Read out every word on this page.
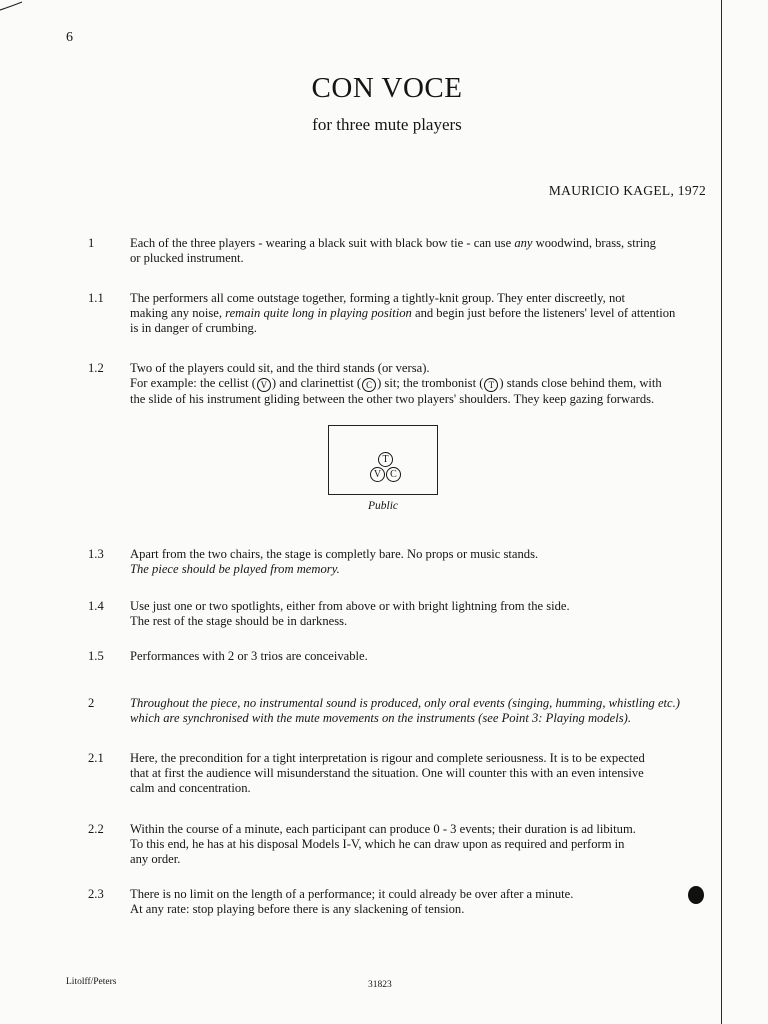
6
CON VOCE
for three mute players
MAURICIO KAGEL, 1972
1	Each of the three players - wearing a black suit with black bow tie - can use any woodwind, brass, string
or plucked instrument.
1.1	The performers all come outstage together, forming a tightly-knit group. They enter discreetly, not
making any noise, remain quite long in playing position and begin just before the listeners' level of attention
is in danger of crumbing.
1.2	Two of the players could sit, and the third stands (or versa).
For example: the cellist ( V ) and clarinettist ( C ) sit; the trombonist ( T ) stands close behind them, with
the slide of his instrument gliding between the other two players' shoulders. They keep gazing forwards.
T
V C
Public
1.3	Apart from the two chairs, the stage is completly bare. No props or music stands.
The piece should be played from memory.
1.4	Use just one or two spotlights, either from above or with bright lightning from the side.
The rest of the stage should be in darkness.
1.5	Performances with 2 or 3 trios are conceivable.
2	Throughout the piece, no instrumental sound is produced, only oral events (singing, humming, whistling etc.)
which are synchronised with the mute movements on the instruments (see Point 3: Playing models).
2.1	Here, the precondition for a tight interpretation is rigour and complete seriousness. It is to be expected
that at first the audience will misunderstand the situation. One will counter this with an even intensive
calm and concentration.
2.2	Within the course of a minute, each participant can produce 0 - 3 events; their duration is ad libitum.
To this end, he has at his disposal Models I-V, which he can draw upon as required and perform in
any order.
2.3	There is no limit on the length of a performance; it could already be over after a minute.
At any rate: stop playing before there is any slackening of tension.
Litolff/Peters	31823
